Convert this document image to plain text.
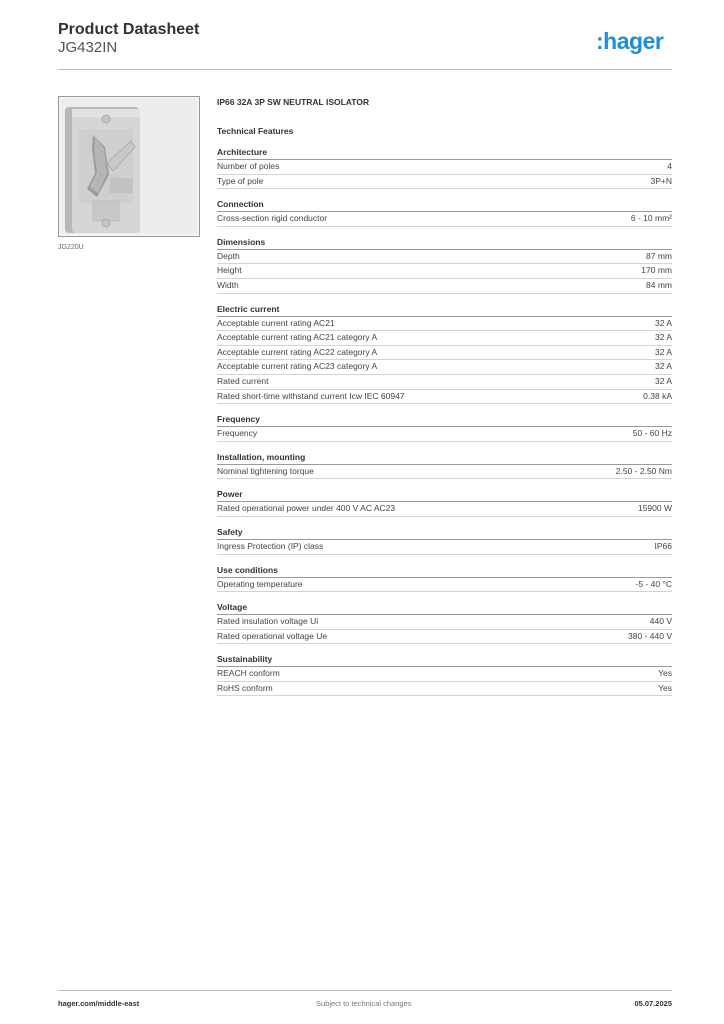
Product Datasheet
JG432IN	:hager
JG220U
IP66 32A 3P SW NEUTRAL ISOLATOR
Technical Features
Architecture
Number of poles	4
Type of pole	3P+N
Connection
Cross-section rigid conductor	6 - 10 mm²
Dimensions
Depth	87 mm
Height	170 mm
Width	84 mm
Electric current
Acceptable current rating AC21	32 A
Acceptable current rating AC21 category A	32 A
Acceptable current rating AC22 category A	32 A
Acceptable current rating AC23 category A	32 A
Rated current	32 A
Rated short-time withstand current Icw IEC 60947	0.38 kA
Frequency
Frequency	50 - 60 Hz
Installation, mounting
Nominal tightening torque	2.50 - 2.50 Nm
Power
Rated operational power under 400 V AC AC23	15900 W
Safety
Ingress Protection (IP) class	IP66
Use conditions
Operating temperature	-5 - 40 °C
Voltage
Rated insulation voltage Ui	440 V
Rated operational voltage Ue	380 - 440 V
Sustainability
REACH conform	Yes
RoHS conform	Yes
hager.com/middle-east	Subject to technical changes	05.07.2025
